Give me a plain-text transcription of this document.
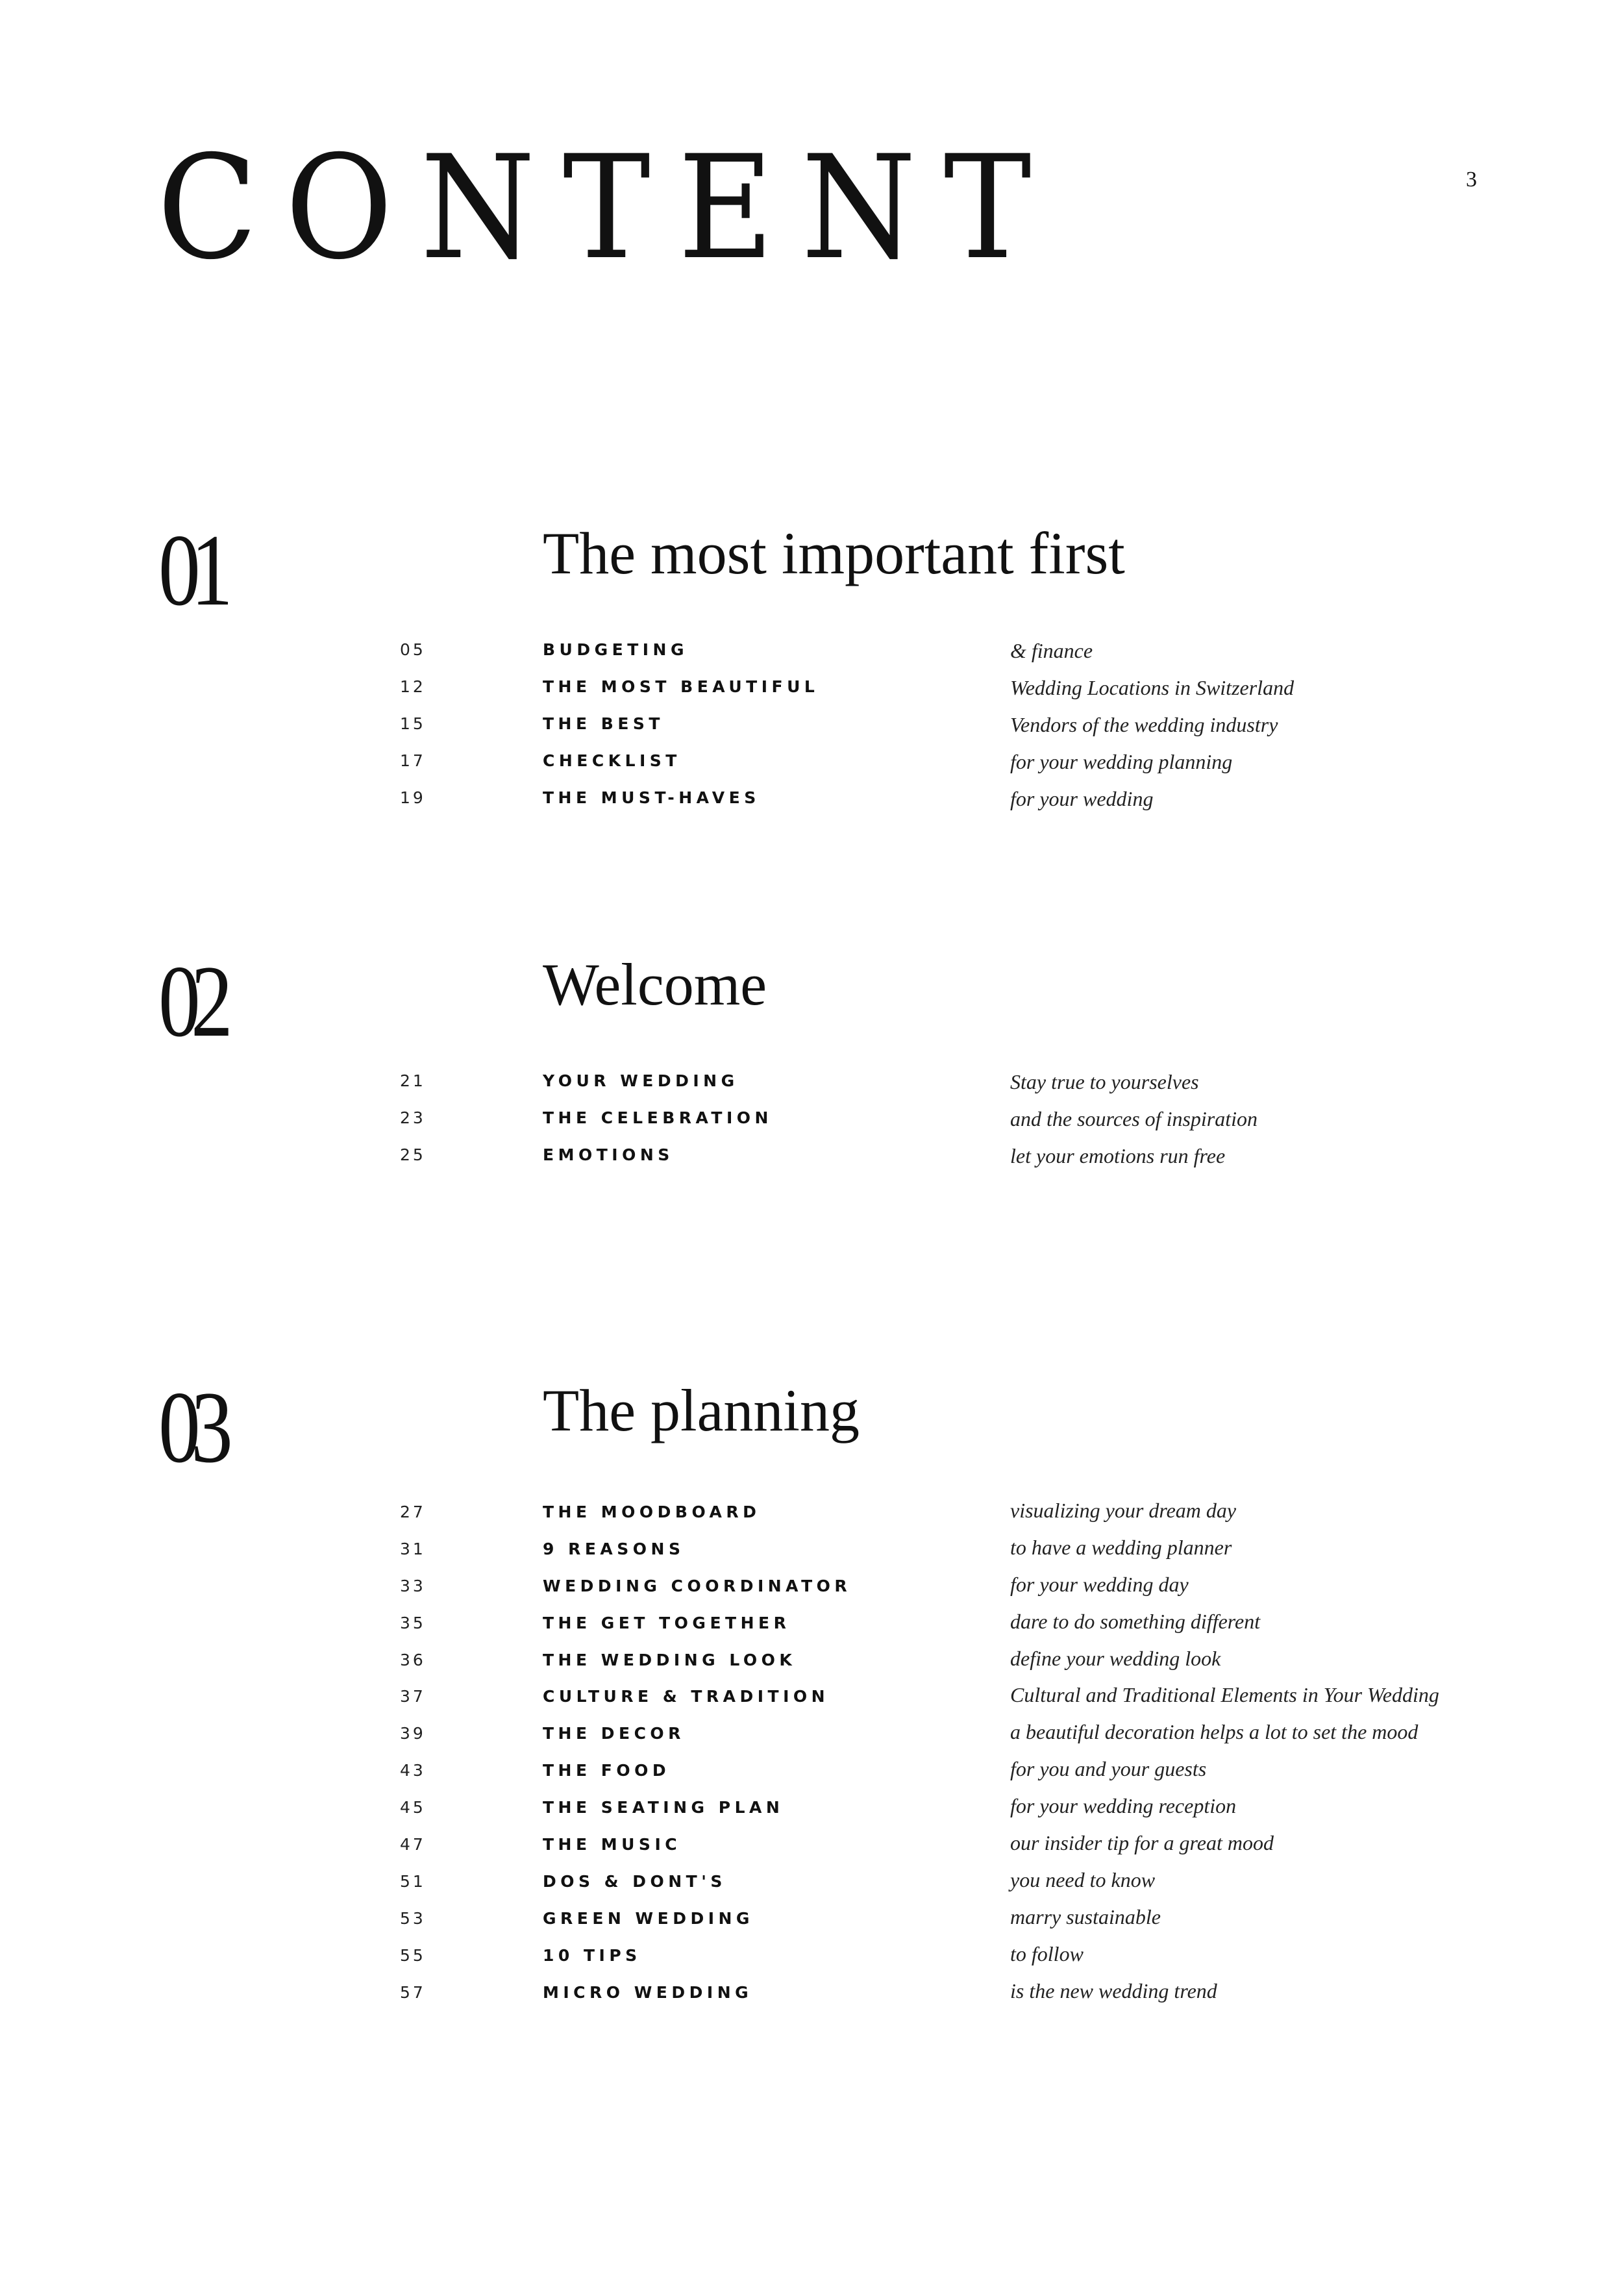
CONTENT	3
01	The most important first
05	BUDGETING	& finance
12	THE MOST BEAUTIFUL	Wedding Locations in Switzerland
15	THE BEST	Vendors of the wedding industry
17	CHECKLIST	for your wedding planning
19	THE MUST-HAVES	for your wedding
02	Welcome
21	YOUR WEDDING	Stay true to yourselves
23	THE CELEBRATION	and the sources of inspiration
25	EMOTIONS	let your emotions run free
03	The planning
27	THE MOODBOARD	visualizing your dream day
31	9 REASONS	to have a wedding planner
33	WEDDING COORDINATOR	for your wedding day
35	THE GET TOGETHER	dare to do something different
36	THE WEDDING LOOK	define your wedding look
37	CULTURE & TRADITION	Cultural and Traditional Elements in Your Wedding
39	THE DECOR	a beautiful decoration helps a lot to set the mood
43	THE FOOD	for you and your guests
45	THE SEATING PLAN	for your wedding reception
47	THE MUSIC	our insider tip for a great mood
51	DOS & DONT'S	you need to know
53	GREEN WEDDING	marry sustainable
55	10 TIPS	to follow
57	MICRO WEDDING	is the new wedding trend
